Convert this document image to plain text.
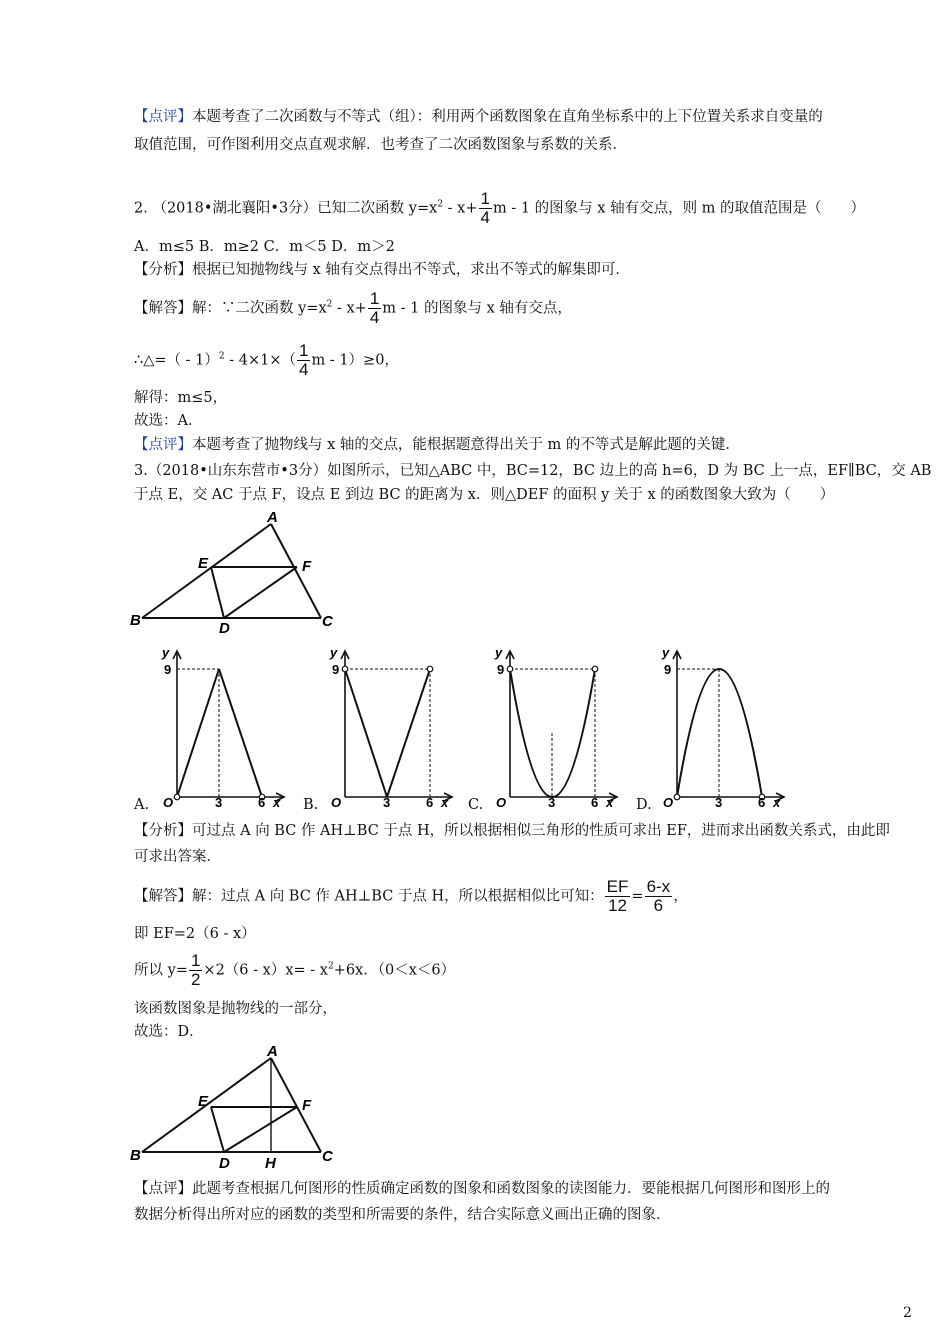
【点评】本题考查了二次函数与不等式（组）：利用两个函数图象在直角坐标系中的上下位置关系求自变量的
取值范围，可作图利用交点直观求解．也考查了二次函数图象与系数的关系．
2. （2018•湖北襄阳•3分）已知二次函数 $y=x^2 - x+ \frac{1}{4}$ m - 1 的图象与 x 轴有交点，则 m 的取值范围是（　　）
A．m≤5 B．m≥2 C．m＜5 D．m＞2
【分析】根据已知抛物线与 x 轴有交点得出不等式，求出不等式的解集即可．
【解答】解：∵二次函数 $y=x^2 - x+ \frac{1}{4}$ m - 1 的图象与 x 轴有交点，
∴△=（ - $1)^2 - 4\times 1\times( \frac{1}{4}$ m - 1）≥0，
解得：m≤5，
故选：A．
【点评】本题考查了抛物线与 x 轴的交点，能根据题意得出关于 m 的不等式是解此题的关键．
3.（2018•山东东营市•3分）如图所示，已知△ABC 中，BC=12，BC 边上的高 h=6，D 为 BC 上一点，EF∥BC，交 AB
于点 E，交 AC 于点 F，设点 E 到边 BC 的距离为 x．则△DEF 的面积 y 关于 x 的函数图象大致为（　　）
A
B	C
D
E	F
y
9
O	3	6 x
y
9
O	3	6 x
y
9
O	3	6 x
y
9
O	3	6 x
A.	B.	C.	D.
【分析】可过点 A 向 BC 作 AH⊥BC 于点 H，所以根据相似三角形的性质可求出 EF，进而求出函数关系式，由此即
可求出答案．
【解答】解：过点 A 向 BC 作 AH⊥BC 于点 H，所以根据相似比可知： $\frac{EF}{12} = \frac{6-x}{6}$ ，
即 EF=2（6 - x）
所以 $y= \frac{1}{2} \times 2(6 - x)x= - x^2+6x$．（0＜x＜6）
该函数图象是抛物线的一部分，
故选：D．
A
B	C
D
E	F
H
【点评】此题考查根据几何图形的性质确定函数的图象和函数图象的读图能力．要能根据几何图形和图形上的
数据分析得出所对应的函数的类型和所需要的条件，结合实际意义画出正确的图象．
2
